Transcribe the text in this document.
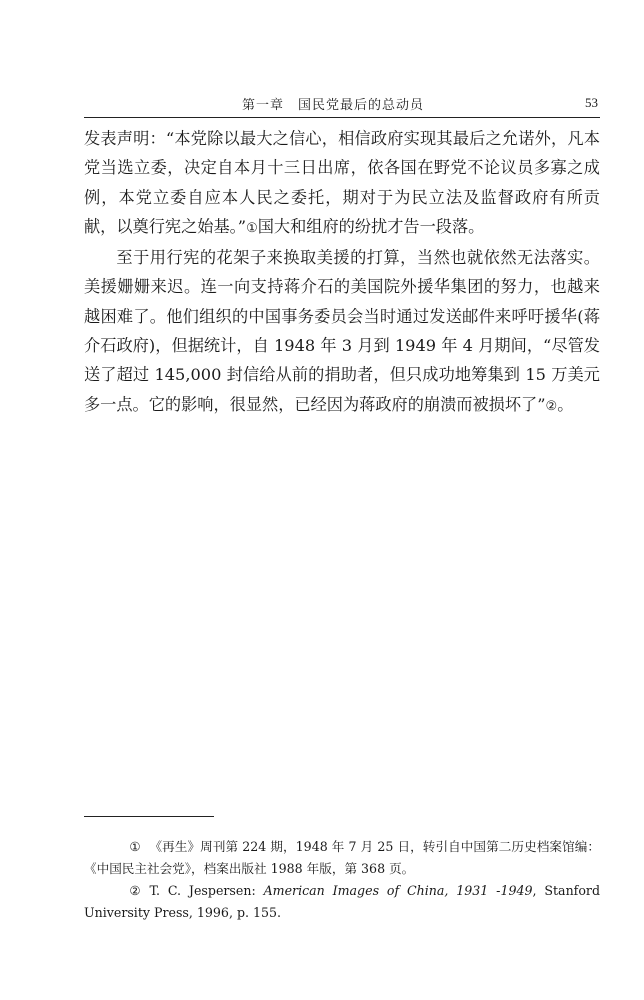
第一章　国民党最后的总动员	53

发表声明：“本党除以最大之信心，相信政府实现其最后之允诺外，凡本党当选立委，决定自本月十三日出席，依各国在野党不论议员多寡之成例，本党立委自应本人民之委托，期对于为民立法及监督政府有所贡献，以奠行宪之始基。”①国大和组府的纷扰才告一段落。

至于用行宪的花架子来换取美援的打算，当然也就依然无法落实。美援姗姗来迟。连一向支持蒋介石的美国院外援华集团的努力，也越来越困难了。他们组织的中国事务委员会当时通过发送邮件来呼吁援华(蒋介石政府)，但据统计，自 1948 年 3 月到 1949 年 4 月期间，“尽管发送了超过 145,000 封信给从前的捐助者，但只成功地筹集到 15 万美元多一点。它的影响，很显然，已经因为蒋政府的崩溃而被损坏了”②。

① 《再生》周刊第 224 期，1948 年 7 月 25 日，转引自中国第二历史档案馆编：《中国民主社会党》，档案出版社 1988 年版，第 368 页。

② T. C. Jespersen: American Images of China, 1931 -1949, Stanford University Press, 1996, p. 155.
